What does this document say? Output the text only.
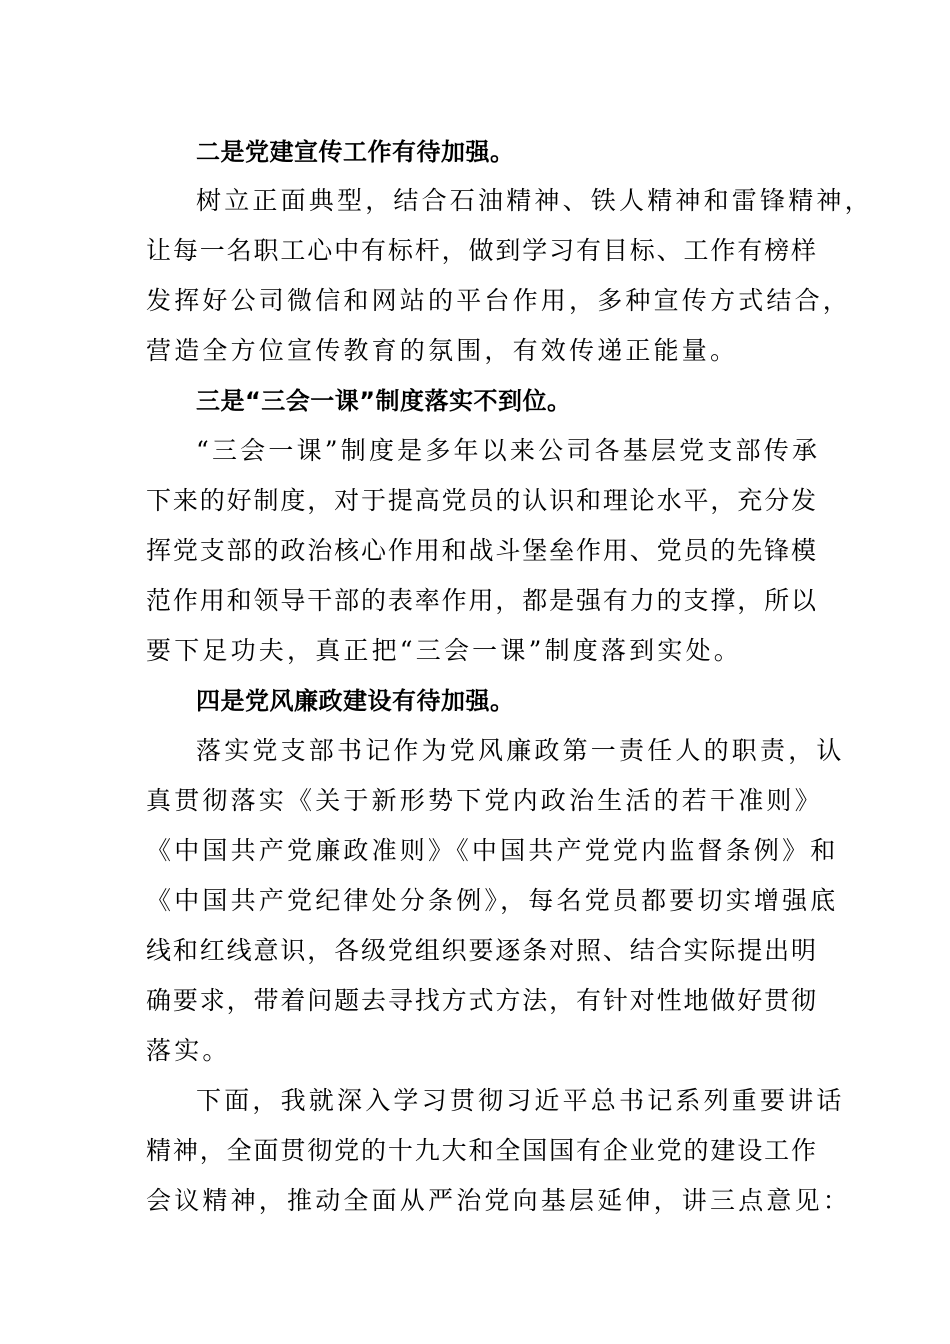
二是党建宣传工作有待加强。
树立正面典型，结合石油精神、铁人精神和雷锋精神，
让每一名职工心中有标杆，做到学习有目标、工作有榜样
发挥好公司微信和网站的平台作用，多种宣传方式结合，
营造全方位宣传教育的氛围，有效传递正能量。
三是“三会一课”制度落实不到位。
“三会一课”制度是多年以来公司各基层党支部传承
下来的好制度，对于提高党员的认识和理论水平，充分发
挥党支部的政治核心作用和战斗堡垒作用、党员的先锋模
范作用和领导干部的表率作用，都是强有力的支撑，所以
要下足功夫，真正把“三会一课”制度落到实处。
四是党风廉政建设有待加强。
落实党支部书记作为党风廉政第一责任人的职责，认
真贯彻落实《关于新形势下党内政治生活的若干准则》
《中国共产党廉政准则》《中国共产党党内监督条例》和
《中国共产党纪律处分条例》，每名党员都要切实增强底
线和红线意识，各级党组织要逐条对照、结合实际提出明
确要求，带着问题去寻找方式方法，有针对性地做好贯彻
落实。
下面，我就深入学习贯彻习近平总书记系列重要讲话
精神，全面贯彻党的十九大和全国国有企业党的建设工作
会议精神，推动全面从严治党向基层延伸，讲三点意见：
